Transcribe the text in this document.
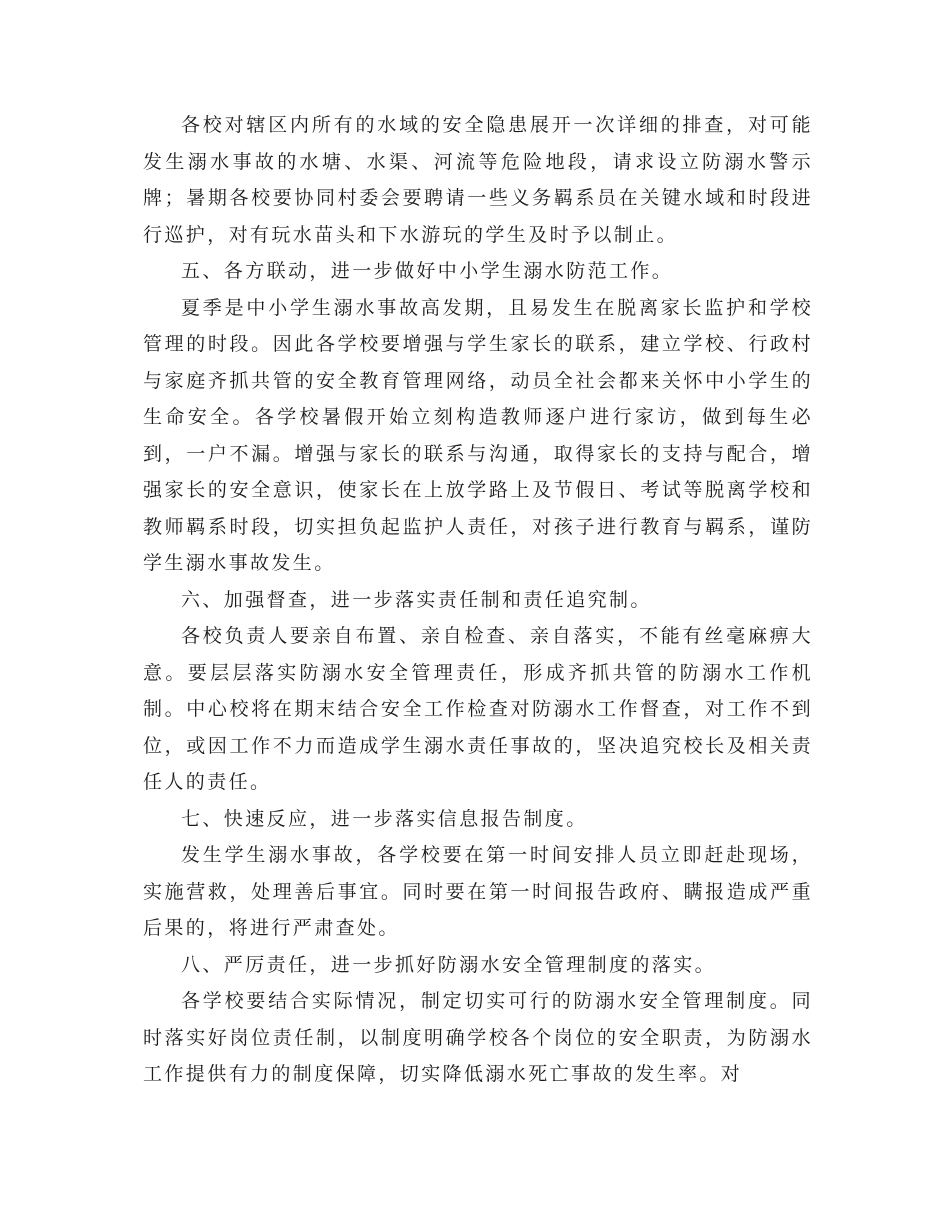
各校对辖区内所有的水域的安全隐患展开一次详细的排查，对可能发生溺水事故的水塘、水渠、河流等危险地段，请求设立防溺水警示牌；暑期各校要协同村委会要聘请一些义务羁系员在关键水域和时段进行巡护，对有玩水苗头和下水游玩的学生及时予以制止。

五、各方联动，进一步做好中小学生溺水防范工作。

夏季是中小学生溺水事故高发期，且易发生在脱离家长监护和学校管理的时段。因此各学校要增强与学生家长的联系，建立学校、行政村与家庭齐抓共管的安全教育管理网络，动员全社会都来关怀中小学生的生命安全。各学校暑假开始立刻构造教师逐户进行家访，做到每生必到，一户不漏。增强与家长的联系与沟通，取得家长的支持与配合，增强家长的安全意识，使家长在上放学路上及节假日、考试等脱离学校和教师羁系时段，切实担负起监护人责任，对孩子进行教育与羁系，谨防学生溺水事故发生。

六、加强督查，进一步落实责任制和责任追究制。

各校负责人要亲自布置、亲自检查、亲自落实，不能有丝毫麻痹大意。要层层落实防溺水安全管理责任，形成齐抓共管的防溺水工作机制。中心校将在期末结合安全工作检查对防溺水工作督查，对工作不到位，或因工作不力而造成学生溺水责任事故的，坚决追究校长及相关责任人的责任。

七、快速反应，进一步落实信息报告制度。

发生学生溺水事故，各学校要在第一时间安排人员立即赶赴现场，实施营救，处理善后事宜。同时要在第一时间报告政府、瞒报造成严重后果的，将进行严肃查处。

八、严厉责任，进一步抓好防溺水安全管理制度的落实。

各学校要结合实际情况，制定切实可行的防溺水安全管理制度。同时落实好岗位责任制，以制度明确学校各个岗位的安全职责，为防溺水工作提供有力的制度保障，切实降低溺水死亡事故的发生率。对
